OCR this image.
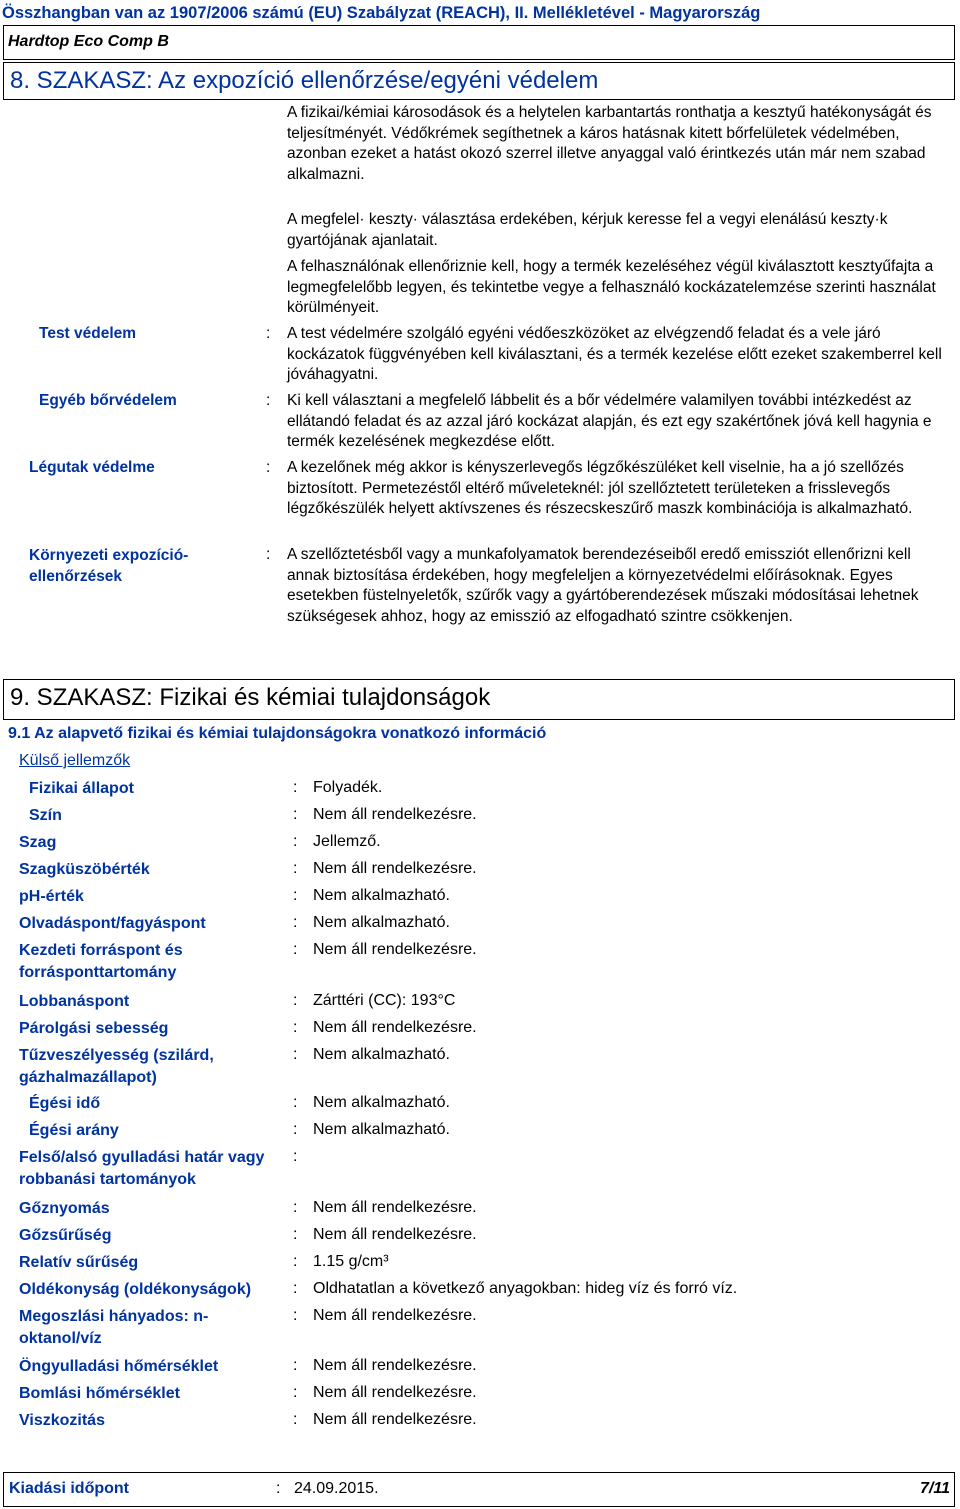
Összhangban van az 1907/2006 számú (EU) Szabályzat (REACH), II. Mellékletével - Magyarország
Hardtop Eco Comp B
8. SZAKASZ: Az expozíció ellenőrzése/egyéni védelem
A fizikai/kémiai károsodások és a helytelen karbantartás ronthatja a kesztyű hatékonyságát és teljesítményét. Védőkrémek segíthetnek a káros hatásnak kitett bőrfelületek védelmében, azonban ezeket a hatást okozó szerrel illetve anyaggal való érintkezés után már nem szabad alkalmazni.
A megfelel· keszty· választása erdekében, kérjuk keresse fel a vegyi elenálású keszty·k gyartójának ajanlatait.
A felhasználónak ellenőriznie kell, hogy a termék kezeléséhez végül kiválasztott kesztyűfajta a legmegfelelőbb legyen, és tekintetbe vegye a felhasználó kockázatelemzése szerinti használat körülményeit.
Test védelem	: A test védelmére szolgáló egyéni védőeszközöket az elvégzendő feladat és a vele járó kockázatok függvényében kell kiválasztani, és a termék kezelése előtt ezeket szakemberrel kell jóváhagyatni.
Egyéb bőrvédelem	: Ki kell választani a megfelelő lábbelit és a bőr védelmére valamilyen további intézkedést az ellátandó feladat és az azzal járó kockázat alapján, és ezt egy szakértőnek jóvá kell hagynia e termék kezelésének megkezdése előtt.
Légutak védelme	: A kezelőnek még akkor is kényszerlevegős légzőkészüléket kell viselnie, ha a jó szellőzés biztosított. Permetezéstől eltérő műveleteknél: jól szellőztetett területeken a frisslevegős légzőkészülék helyett aktívszenes és részecskeszűrő maszk kombinációja is alkalmazható.
Környezeti expozíció-ellenőrzések
: A szellőztetésből vagy a munkafolyamatok berendezéseiből eredő emissziót ellenőrizni kell annak biztosítása érdekében, hogy megfeleljen a környezetvédelmi előírásoknak. Egyes esetekben füstelnyeletők, szűrők vagy a gyártóberendezések műszaki módosításai lehetnek szükségesek ahhoz, hogy az emisszió az elfogadható szintre csökkenjen.
9. SZAKASZ: Fizikai és kémiai tulajdonságok
9.1 Az alapvető fizikai és kémiai tulajdonságokra vonatkozó információ
Külső jellemzők
Fizikai állapot	: Folyadék.
Szín	: Nem áll rendelkezésre.
Szag	: Jellemző.
Szagküszöbérték	: Nem áll rendelkezésre.
pH-érték	: Nem alkalmazható.
Olvadáspont/fagyáspont	: Nem alkalmazható.
Kezdeti forráspont és forrásponttartomány
: Nem áll rendelkezésre.
Lobbanáspont	: Zárttéri (CC): 193°C
Párolgási sebesség	: Nem áll rendelkezésre.
Tűzveszélyesség (szilárd, gázhalmazállapot)
: Nem alkalmazható.
Égési idő	: Nem alkalmazható.
Égési arány	: Nem alkalmazható.
Felső/alsó gyulladási határ vagy robbanási tartományok
:
Gőznyomás	: Nem áll rendelkezésre.
Gőzsűrűség	: Nem áll rendelkezésre.
Relatív sűrűség	: 1.15 g/cm³
Oldékonyság (oldékonyságok)	: Oldhatatlan a következő anyagokban: hideg víz és forró víz.
Megoszlási hányados: n-oktanol/víz
: Nem áll rendelkezésre.
Öngyulladási hőmérséklet	: Nem áll rendelkezésre.
Bomlási hőmérséklet	: Nem áll rendelkezésre.
Viszkozitás	: Nem áll rendelkezésre.
Kiadási időpont	: 24.09.2015.	7/11
